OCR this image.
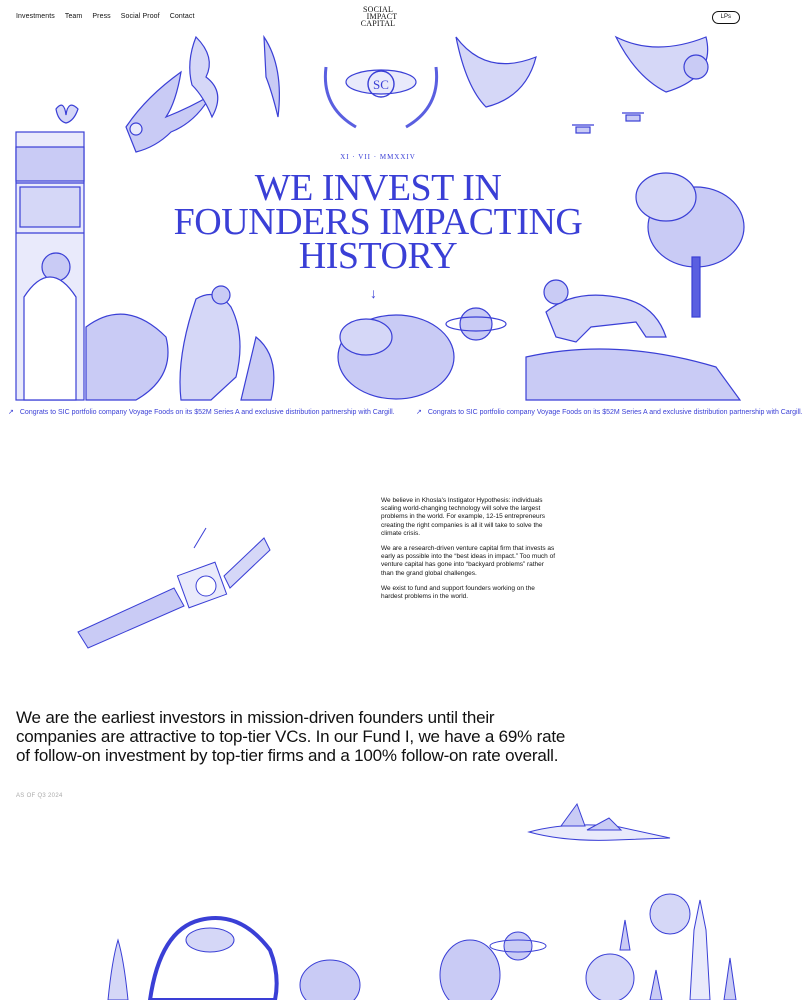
Investments Team Press Social Proof Contact
SOCIAL
IMPACT
CAPITAL
LPs
SC
XI · VII · MMXXIV
WE INVEST IN
FOUNDERS IMPACTING
HISTORY
↓
↗ Congrats to SIC portfolio company Voyage Foods on its $52M Series A and exclusive distribution partnership with Cargill.	↗ Congrats to SIC portfolio company Voyage Foods on its $52M Series A and exclusive distribution partnership with Cargill.

We believe in Khosla's Instigator Hypothesis: individuals scaling world-changing technology will solve the largest problems in the world. For example, 12-15 entrepreneurs creating the right companies is all it will take to solve the climate crisis.

We are a research-driven venture capital firm that invests as early as possible into the “best ideas in impact.” Too much of venture capital has gone into “backyard problems” rather than the grand global challenges.

We exist to fund and support founders working on the hardest problems in the world.

We are the earliest investors in mission-driven founders until their companies are attractive to top-tier VCs. In our Fund I, we have a 69% rate of follow-on investment by top-tier firms and a 100% follow-on rate overall.
AS OF Q3 2024
